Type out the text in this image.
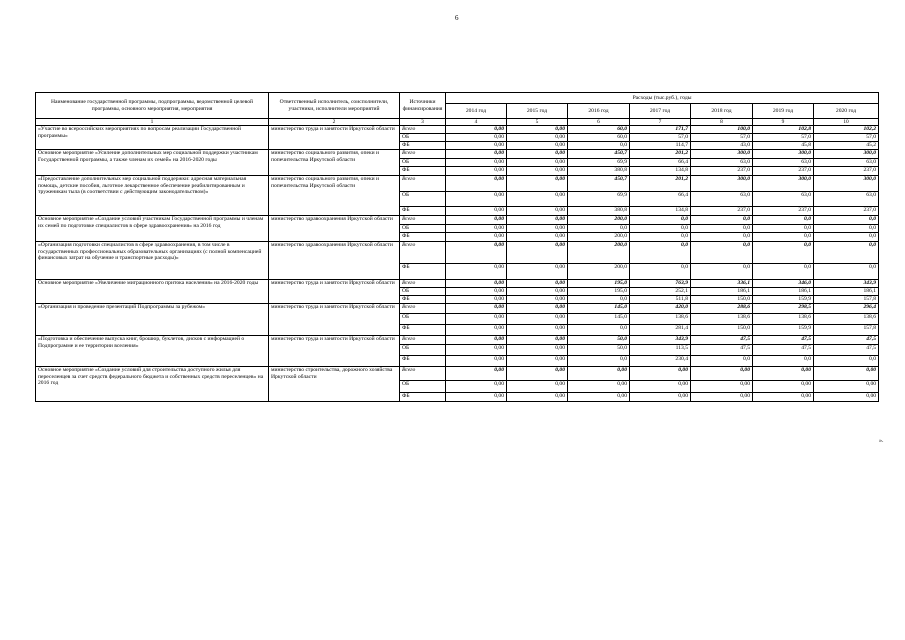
6
Наименование государственной программы, подпрограммы, ведомственной целевой программы, основного мероприятия, мероприятия	Ответственный исполнитель, соисполнители, участники, исполнители мероприятий	Источники финансирования	Расходы (тыс.руб.), годы						
			2014 год	2015 год	2016 год	2017 год	2018 год	2019 год	2020 год
1	2	3	4	5	6	7	8	9	10
«Участие во всероссийских мероприятиях по вопросам реализации Государственной программы»	министерство труда и занятости Иркутской области	Всего	0,00	0,00	60,0	171,7	100,0	102,8	102,2
		ОБ	0,00	0,00	60,0	57,0	57,0	57,0	57,0
		ФБ	0,00	0,00	0,0	114,7	43,0	45,8	45,2
Основное мероприятие «Усиление дополнительных мер социальной поддержки участникам Государственной программы, а также членам их семей» на 2016-2020 годы	министерство социального развития, опеки и попечительства Иркутской области	Всего	0,00	0,00	450,7	201,2	300,0	300,0	300,0
		ОБ	0,00	0,00	69,9	66,4	63,0	63,0	63,0
		ФБ	0,00	0,00	380,8	134,8	237,0	237,0	237,0
«Предоставление дополнительных мер социальной поддержки: адресная материальная помощь, детские пособия, льготное лекарственное обеспечение реабилитированным и труженикам тыла (в соответствии с действующим законодательством)»	министерство социального развития, опеки и попечительства Иркутской области	Всего	0,00	0,00	450,7	201,2	300,0	300,0	300,0
		ОБ	0,00	0,00	69,9	66,4	63,0	63,0	63,0
		ФБ	0,00	0,00	380,8	134,8	237,0	237,0	237,0
Основное мероприятие «Создание условий участникам Государственной программы и членам их семей по подготовке специалистов в сфере здравоохранения» на 2016 год	министерство здравоохранения Иркутской области	Всего	0,00	0,00	200,0	0,0	0,0	0,0	0,0
		ОБ	0,00	0,00	0,0	0,0	0,0	0,0	0,0
		ФБ	0,00	0,00	200,0	0,0	0,0	0,0	0,0
«Организация подготовки специалистов в сфере здравоохранения, в том числе в государственных профессиональных образовательных организациях (с полной компенсацией финансовых затрат на обучение и транспортные расходы)»	министерство здравоохранения Иркутской области	Всего	0,00	0,00	200,0	0,0	0,0	0,0	0,0
		ФБ	0,00	0,00	200,0	0,0	0,0	0,0	0,0
Основное мероприятие «Увеличение миграционного притока населения» на 2016-2020 годы	министерство труда и занятости Иркутской области	Всего	0,00	0,00	195,0	763,9	336,1	346,0	343,9
		ОБ	0,00	0,00	195,0	252,1	186,1	186,1	186,1
		ФБ	0,00	0,00	0,0	511,8	150,0	159,9	157,8
«Организация и проведение презентаций Подпрограммы за рубежом»	министерство труда и занятости Иркутской области	Всего	0,00	0,00	145,0	420,0	288,6	298,5	296,4
		ОБ	0,00	0,00	145,0	138,6	138,6	138,6	138,6
		ФБ	0,00	0,00	0,0	281,4	150,0	159,9	157,8
«Подготовка и обеспечение выпуска книг, брошюр, буклетов, дисков с информацией о Подпрограмме и ее территории вселения»	министерство труда и занятости Иркутской области	Всего	0,00	0,00	50,0	343,9	47,5	47,5	47,5
		ОБ	0,00	0,00	50,0	113,5	47,5	47,5	47,5
		ФБ	0,00	0,00	0,0	230,4	0,0	0,0	0,0
Основное мероприятие «Создание условий для строительства доступного жилья для переселенцев за счет средств федерального бюджета и собственных средств переселенцев» на 2016 год	министерство строительства, дорожного хозяйства Иркутской области	Всего	0,00	0,00	0,00	0,00	0,00	0,00	0,00
		ОБ	0,00	0,00	0,00	0,00	0,00	0,00	0,00
		ФБ	0,00	0,00	0,00	0,00	0,00	0,00	0,00
».
